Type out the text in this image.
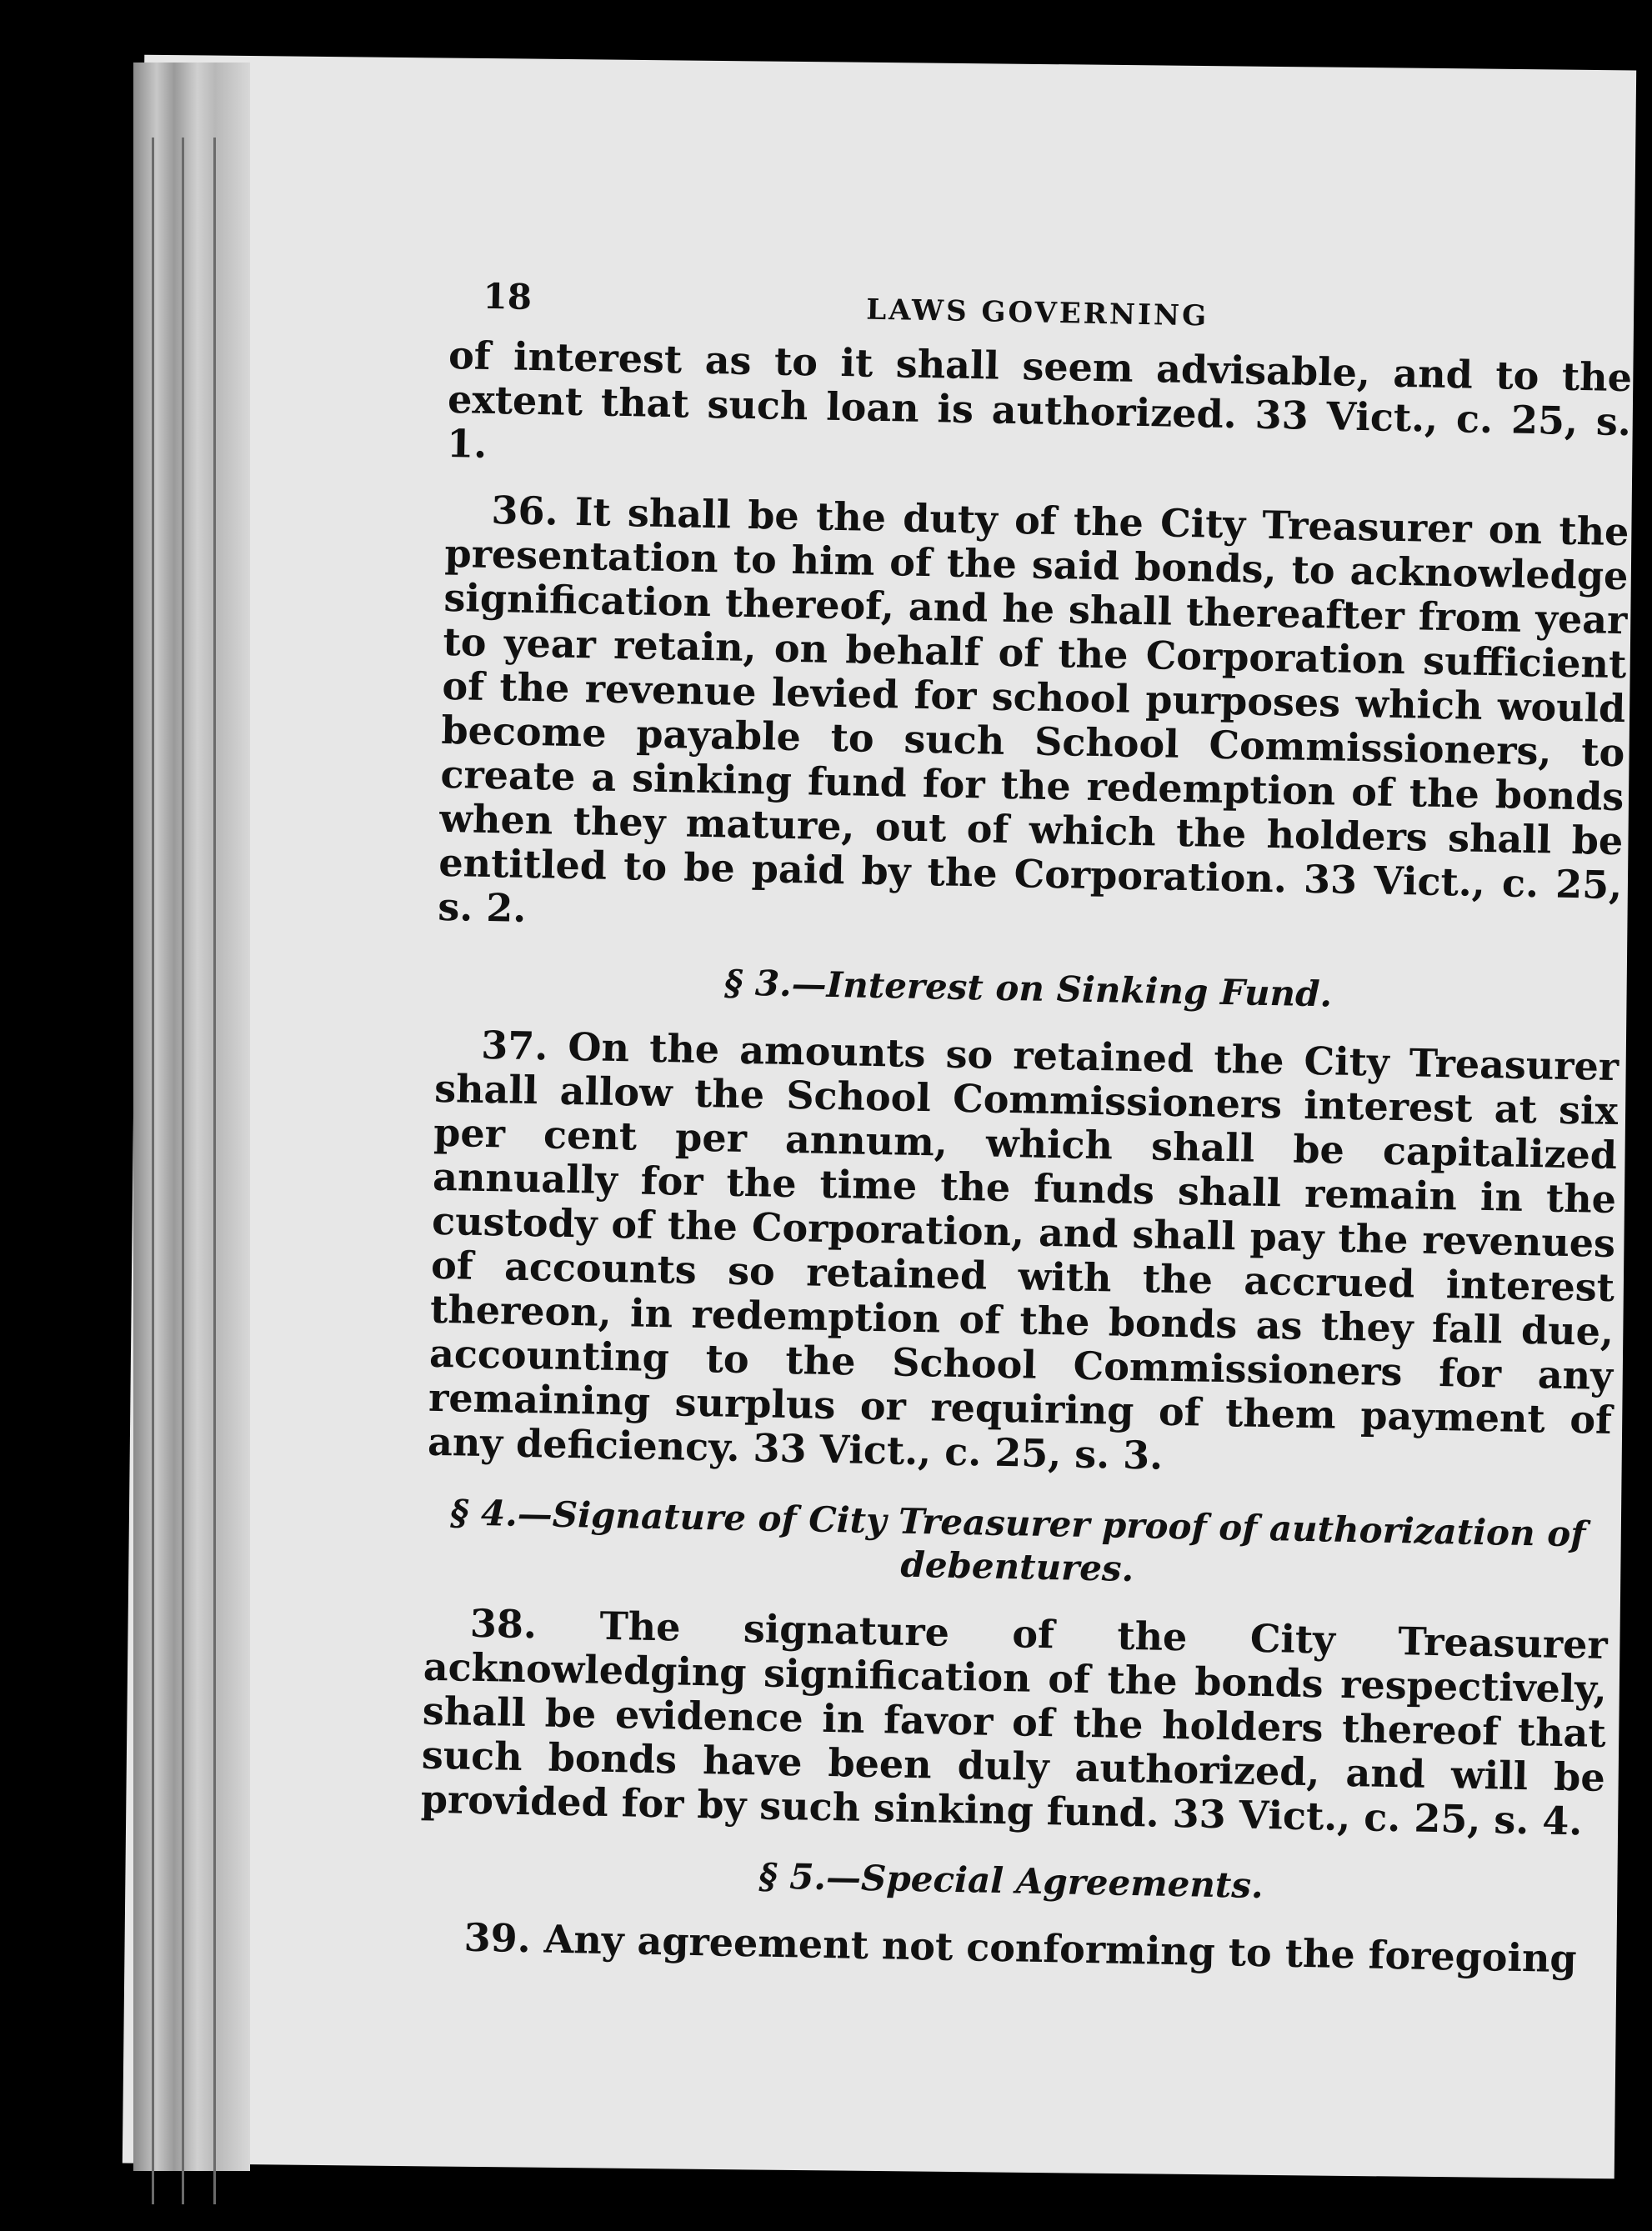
18	LAWS GOVERNING

of interest as to it shall seem advisable, and to the extent that such loan is authorized. 33 Vict., c. 25, s. 1.

36. It shall be the duty of the City Treasurer on the presentation to him of the said bonds, to acknowledge signification thereof, and he shall thereafter from year to year retain, on behalf of the Corporation sufficient of the revenue levied for school purposes which would become payable to such School Commissioners, to create a sinking fund for the redemption of the bonds when they mature, out of which the holders shall be entitled to be paid by the Corporation. 33 Vict., c. 25, s. 2.

§ 3.—Interest on Sinking Fund.

37. On the amounts so retained the City Treasurer shall allow the School Commissioners interest at six per cent per annum, which shall be capitalized annually for the time the funds shall remain in the custody of the Corporation, and shall pay the revenues of accounts so retained with the accrued interest thereon, in redemption of the bonds as they fall due, accounting to the School Commissioners for any remaining surplus or requiring of them payment of any deficiency. 33 Vict., c. 25, s. 3.

§ 4.—Signature of City Treasurer proof of authorization of debentures.

38. The signature of the City Treasurer acknowledging signification of the bonds respectively, shall be evidence in favor of the holders thereof that such bonds have been duly authorized, and will be provided for by such sinking fund. 33 Vict., c. 25, s. 4.

§ 5.—Special Agreements.

39. Any agreement not conforming to the foregoing
